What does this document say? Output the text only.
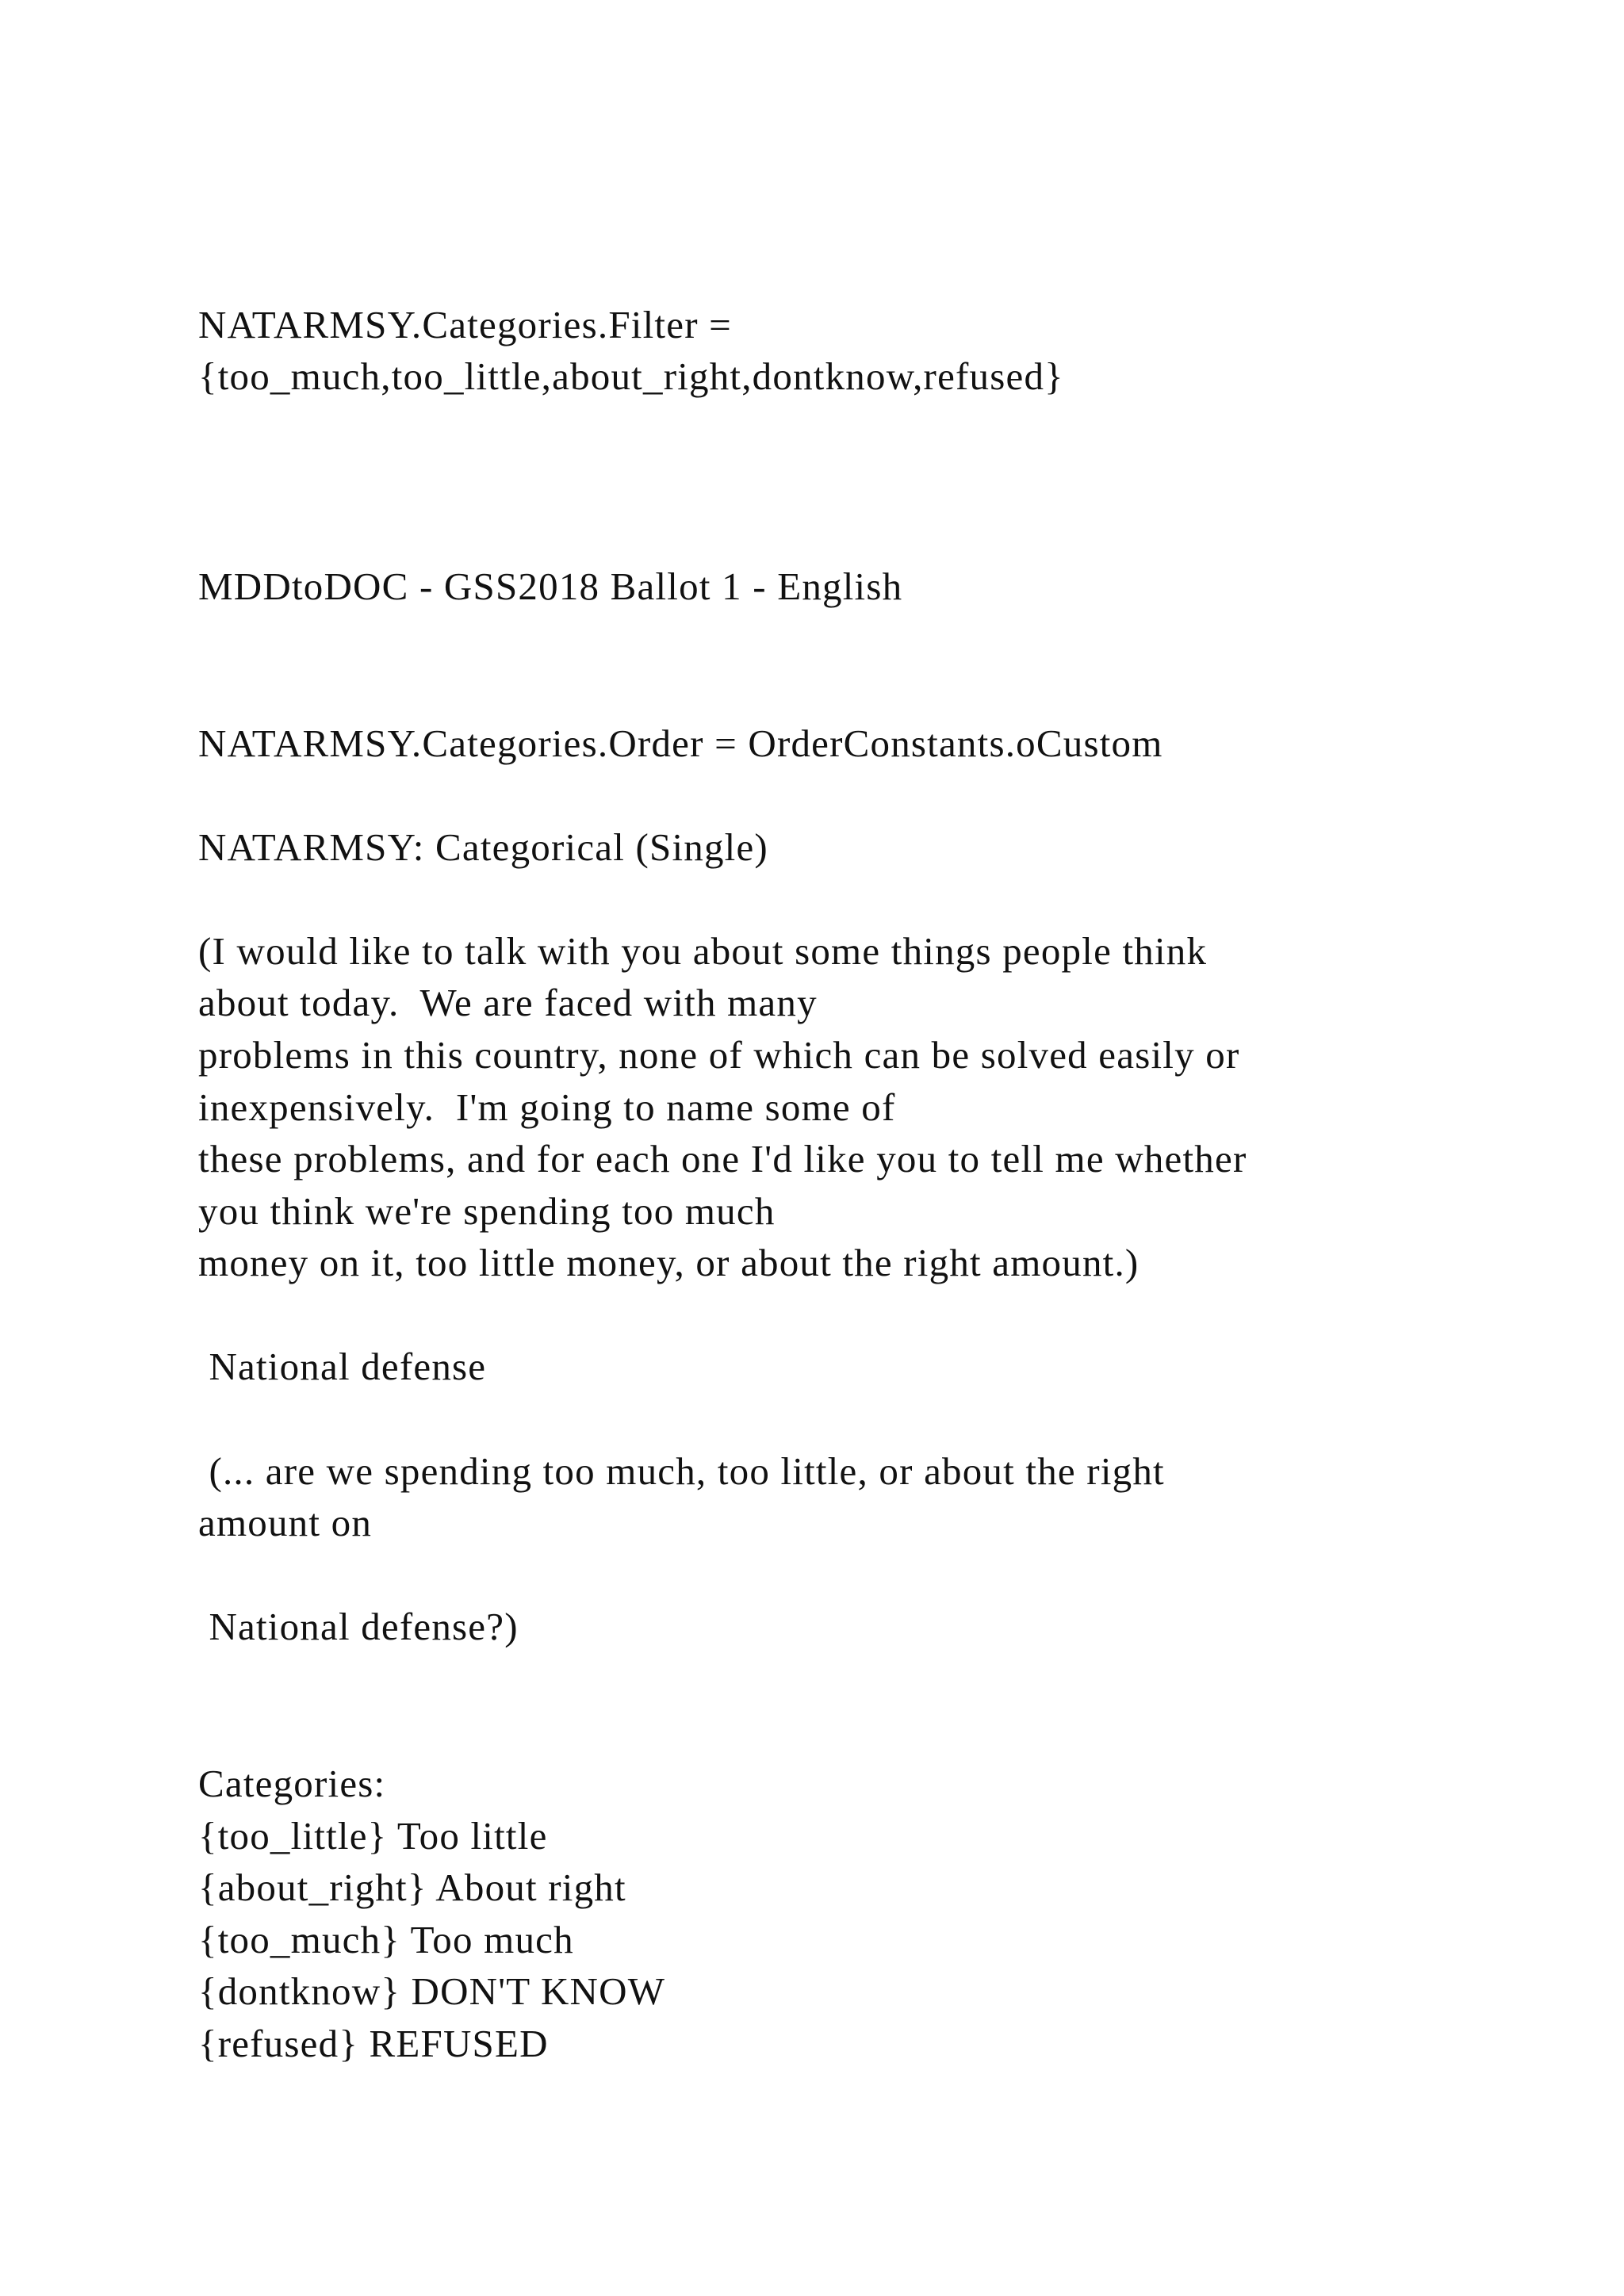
NATARMSY.Categories.Filter =

{too_much,too_little,about_right,dontknow,refused}

MDDtoDOC - GSS2018 Ballot 1 - English

NATARMSY.Categories.Order = OrderConstants.oCustom

NATARMSY: Categorical (Single)

(I would like to talk with you about some things people think

about today.  We are faced with many

problems in this country, none of which can be solved easily or

inexpensively.  I'm going to name some of

these problems, and for each one I'd like you to tell me whether

you think we're spending too much

money on it, too little money, or about the right amount.)

National defense

(... are we spending too much, too little, or about the right

amount on

National defense?)

Categories:

{too_little} Too little

{about_right} About right

{too_much} Too much

{dontknow} DON'T KNOW

{refused} REFUSED
